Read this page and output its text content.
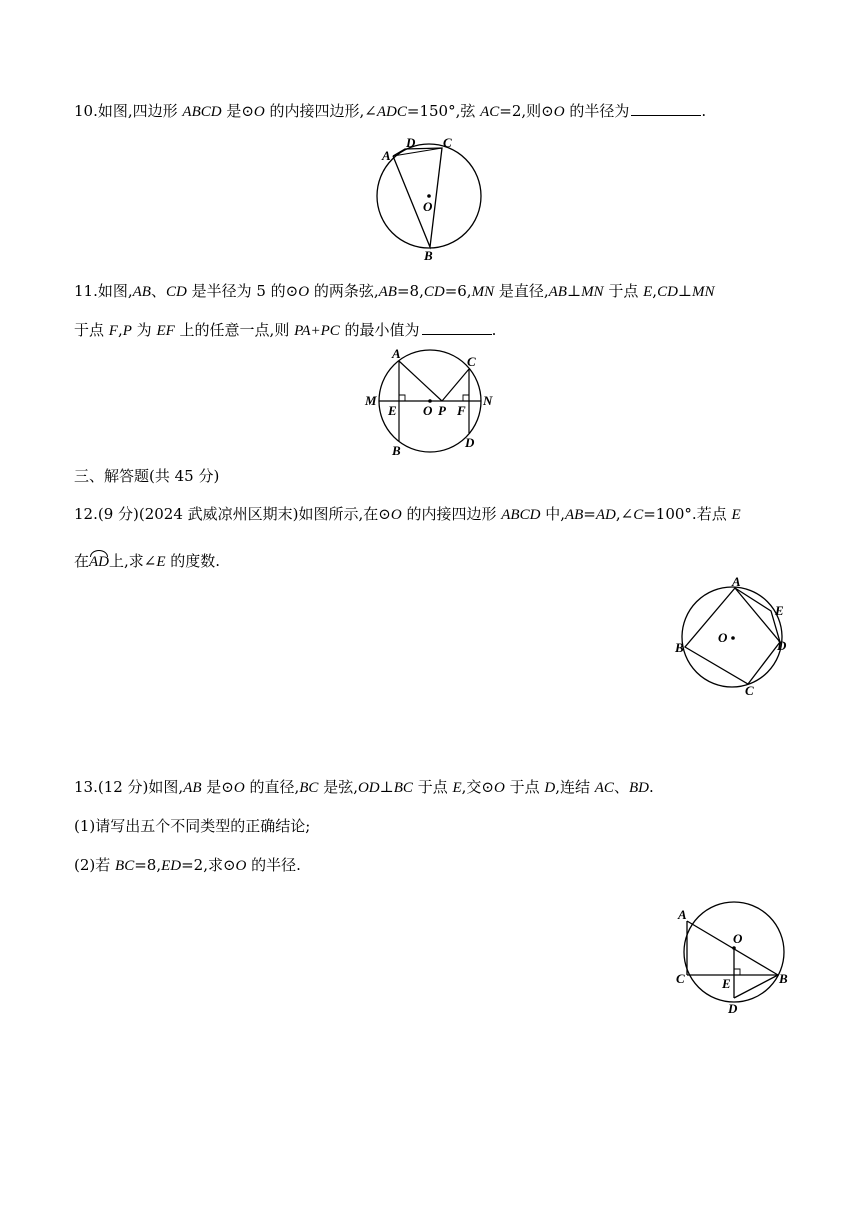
10.如图,四边形 ABCD 是⊙O 的内接四边形,∠ADC=150°,弦 AC=2,则⊙O 的半径为	.
A
D C
O
B
11.如图,AB、CD 是半径为 5 的⊙O 的两条弦,AB=8,CD=6,MN 是直径,AB⊥MN 于点 E,CD⊥MN
于点 F,P 为 EF 上的任意一点,则 PA+PC 的最小值为	.
A
C
M	N
E O P F
D
B
三、解答题(共 45 分)
12.(9 分)(2024 武威凉州区期末)如图所示,在⊙O 的内接四边形 ABCD 中,AB=AD,∠C=100°.若点 E
在AD上,求∠E 的度数.
A
E
O
D
B
C
13.(12 分)如图,AB 是⊙O 的直径,BC 是弦,OD⊥BC 于点 E,交⊙O 于点 D,连结 AC、BD.
(1)请写出五个不同类型的正确结论;
(2)若 BC=8,ED=2,求⊙O 的半径.
A
O
C	E	B
D
